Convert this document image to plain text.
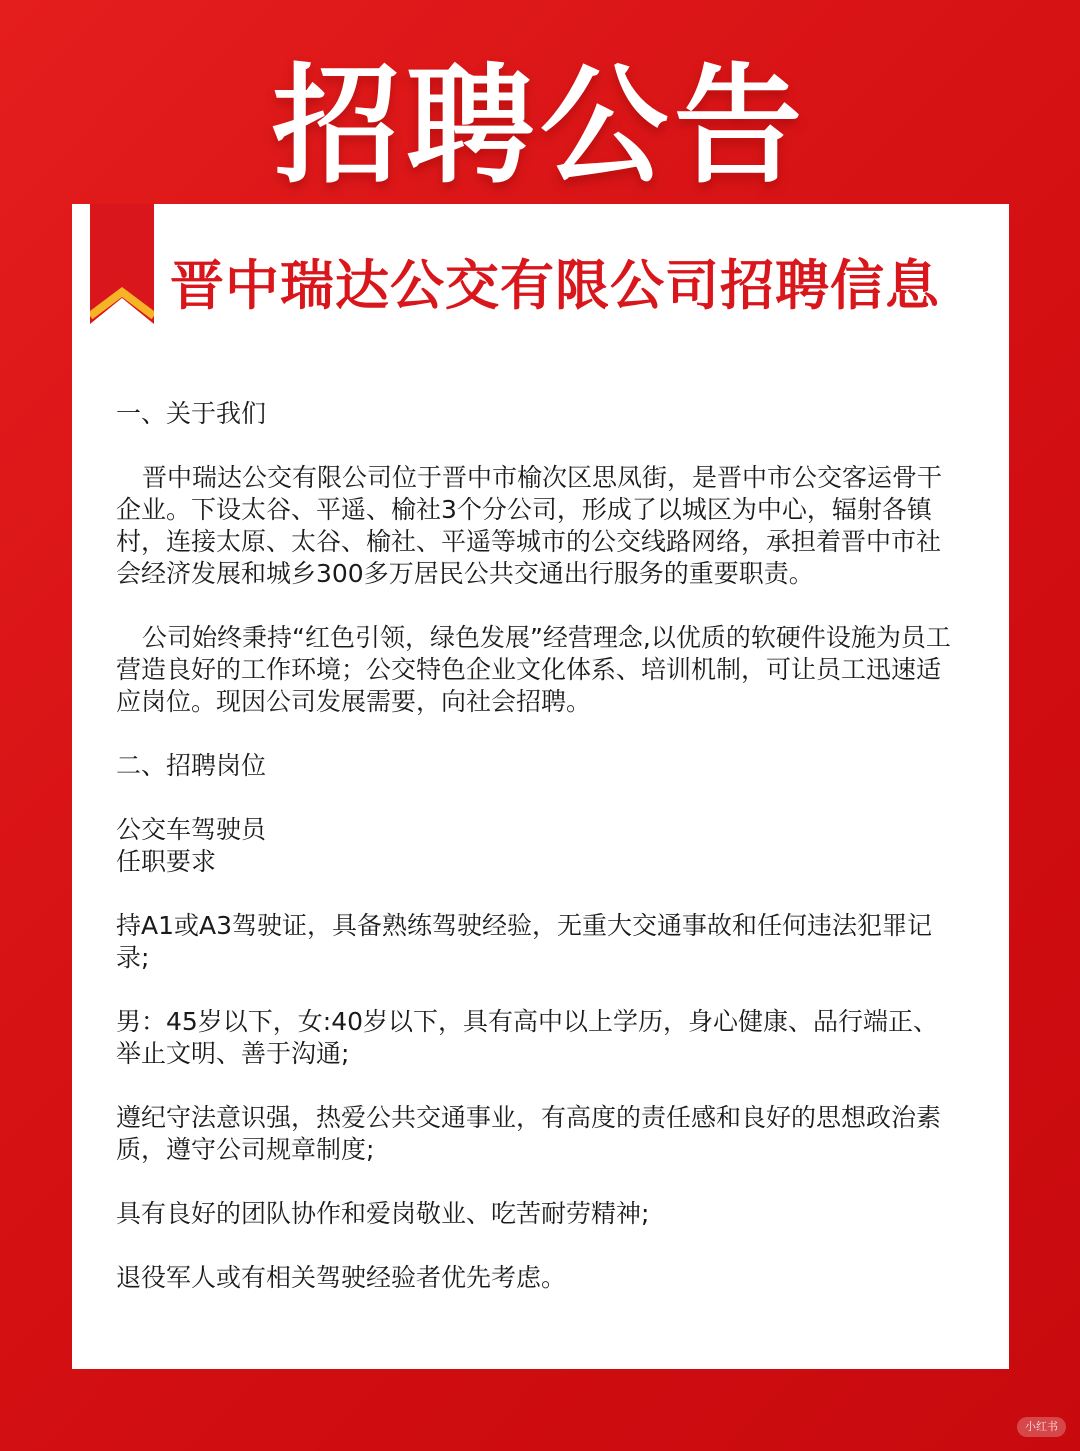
招聘公告
晋中瑞达公交有限公司招聘信息

一、关于我们

晋中瑞达公交有限公司位于晋中市榆次区思凤街，是晋中市公交客运骨干企业。下设太谷、平遥、榆社3个分公司，形成了以城区为中心，辐射各镇村，连接太原、太谷、榆社、平遥等城市的公交线路网络，承担着晋中市社会经济发展和城乡300多万居民公共交通出行服务的重要职责。

公司始终秉持“红色引领，绿色发展”经营理念,以优质的软硬件设施为员工营造良好的工作环境；公交特色企业文化体系、培训机制，可让员工迅速适应岗位。现因公司发展需要，向社会招聘。

二、招聘岗位

公交车驾驶员

任职要求

持A1或A3驾驶证，具备熟练驾驶经验，无重大交通事故和任何违法犯罪记录;

男：45岁以下，女:40岁以下，具有高中以上学历，身心健康、品行端正、举止文明、善于沟通;

遵纪守法意识强，热爱公共交通事业，有高度的责任感和良好的思想政治素质，遵守公司规章制度;

具有良好的团队协作和爱岗敬业、吃苦耐劳精神;

退役军人或有相关驾驶经验者优先考虑。

小红书
